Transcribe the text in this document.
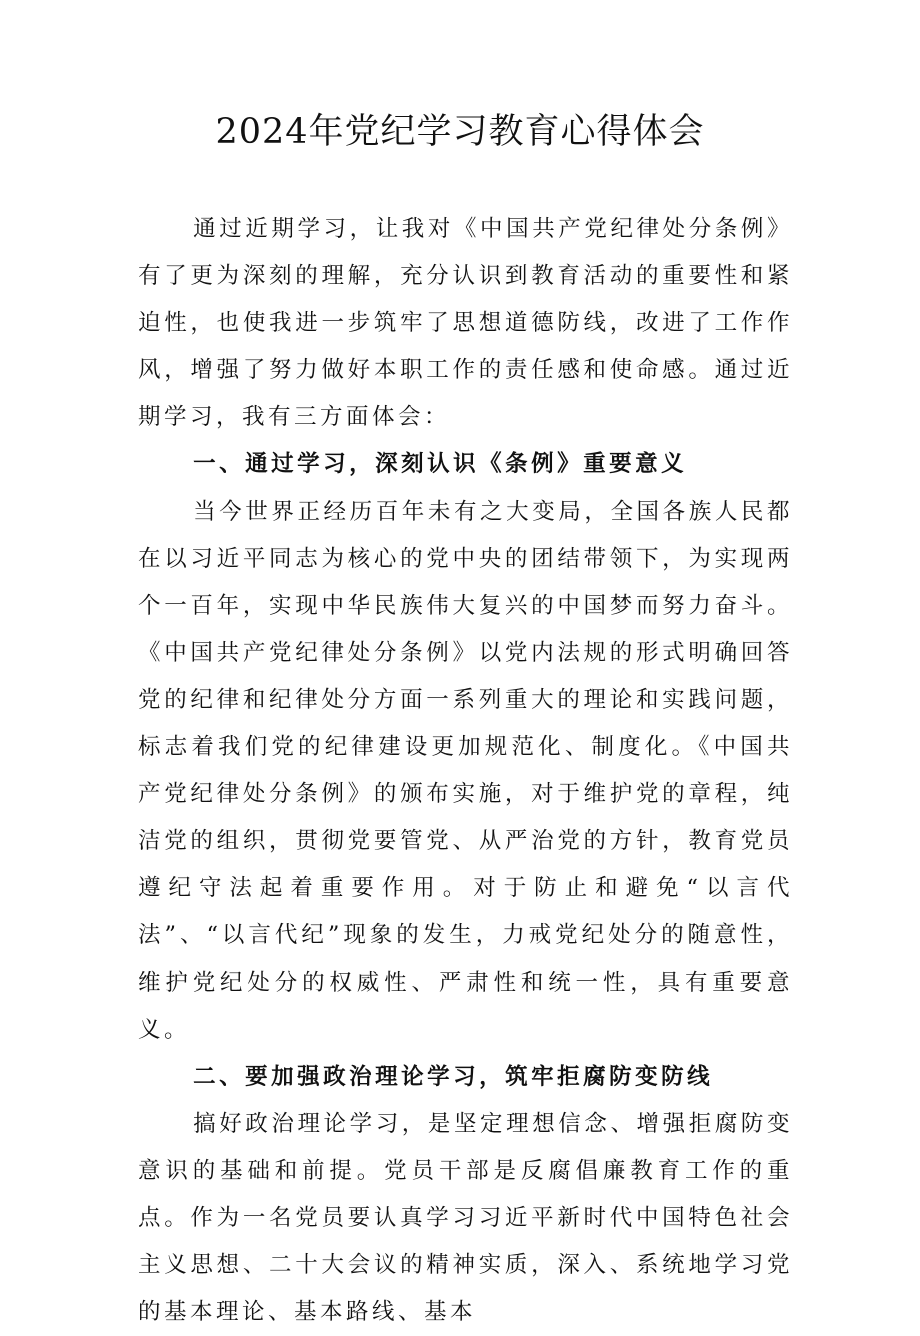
2024年党纪学习教育心得体会

通过近期学习，让我对《中国共产党纪律处分条例》有了更为深刻的理解，充分认识到教育活动的重要性和紧迫性，也使我进一步筑牢了思想道德防线，改进了工作作风，增强了努力做好本职工作的责任感和使命感。通过近期学习，我有三方面体会：

一、通过学习，深刻认识《条例》重要意义

当今世界正经历百年未有之大变局，全国各族人民都在以习近平同志为核心的党中央的团结带领下，为实现两个一百年，实现中华民族伟大复兴的中国梦而努力奋斗。《中国共产党纪律处分条例》以党内法规的形式明确回答党的纪律和纪律处分方面一系列重大的理论和实践问题，标志着我们党的纪律建设更加规范化、制度化。《中国共产党纪律处分条例》的颁布实施，对于维护党的章程，纯洁党的组织，贯彻党要管党、从严治党的方针，教育党员遵纪守法起着重要作用。对于防止和避免“以言代法”、“以言代纪”现象的发生，力戒党纪处分的随意性，维护党纪处分的权威性、严肃性和统一性，具有重要意义。

二、要加强政治理论学习，筑牢拒腐防变防线

搞好政治理论学习，是坚定理想信念、增强拒腐防变意识的基础和前提。党员干部是反腐倡廉教育工作的重点。作为一名党员要认真学习习近平新时代中国特色社会主义思想、二十大会议的精神实质，深入、系统地学习党的基本理论、基本路线、基本
